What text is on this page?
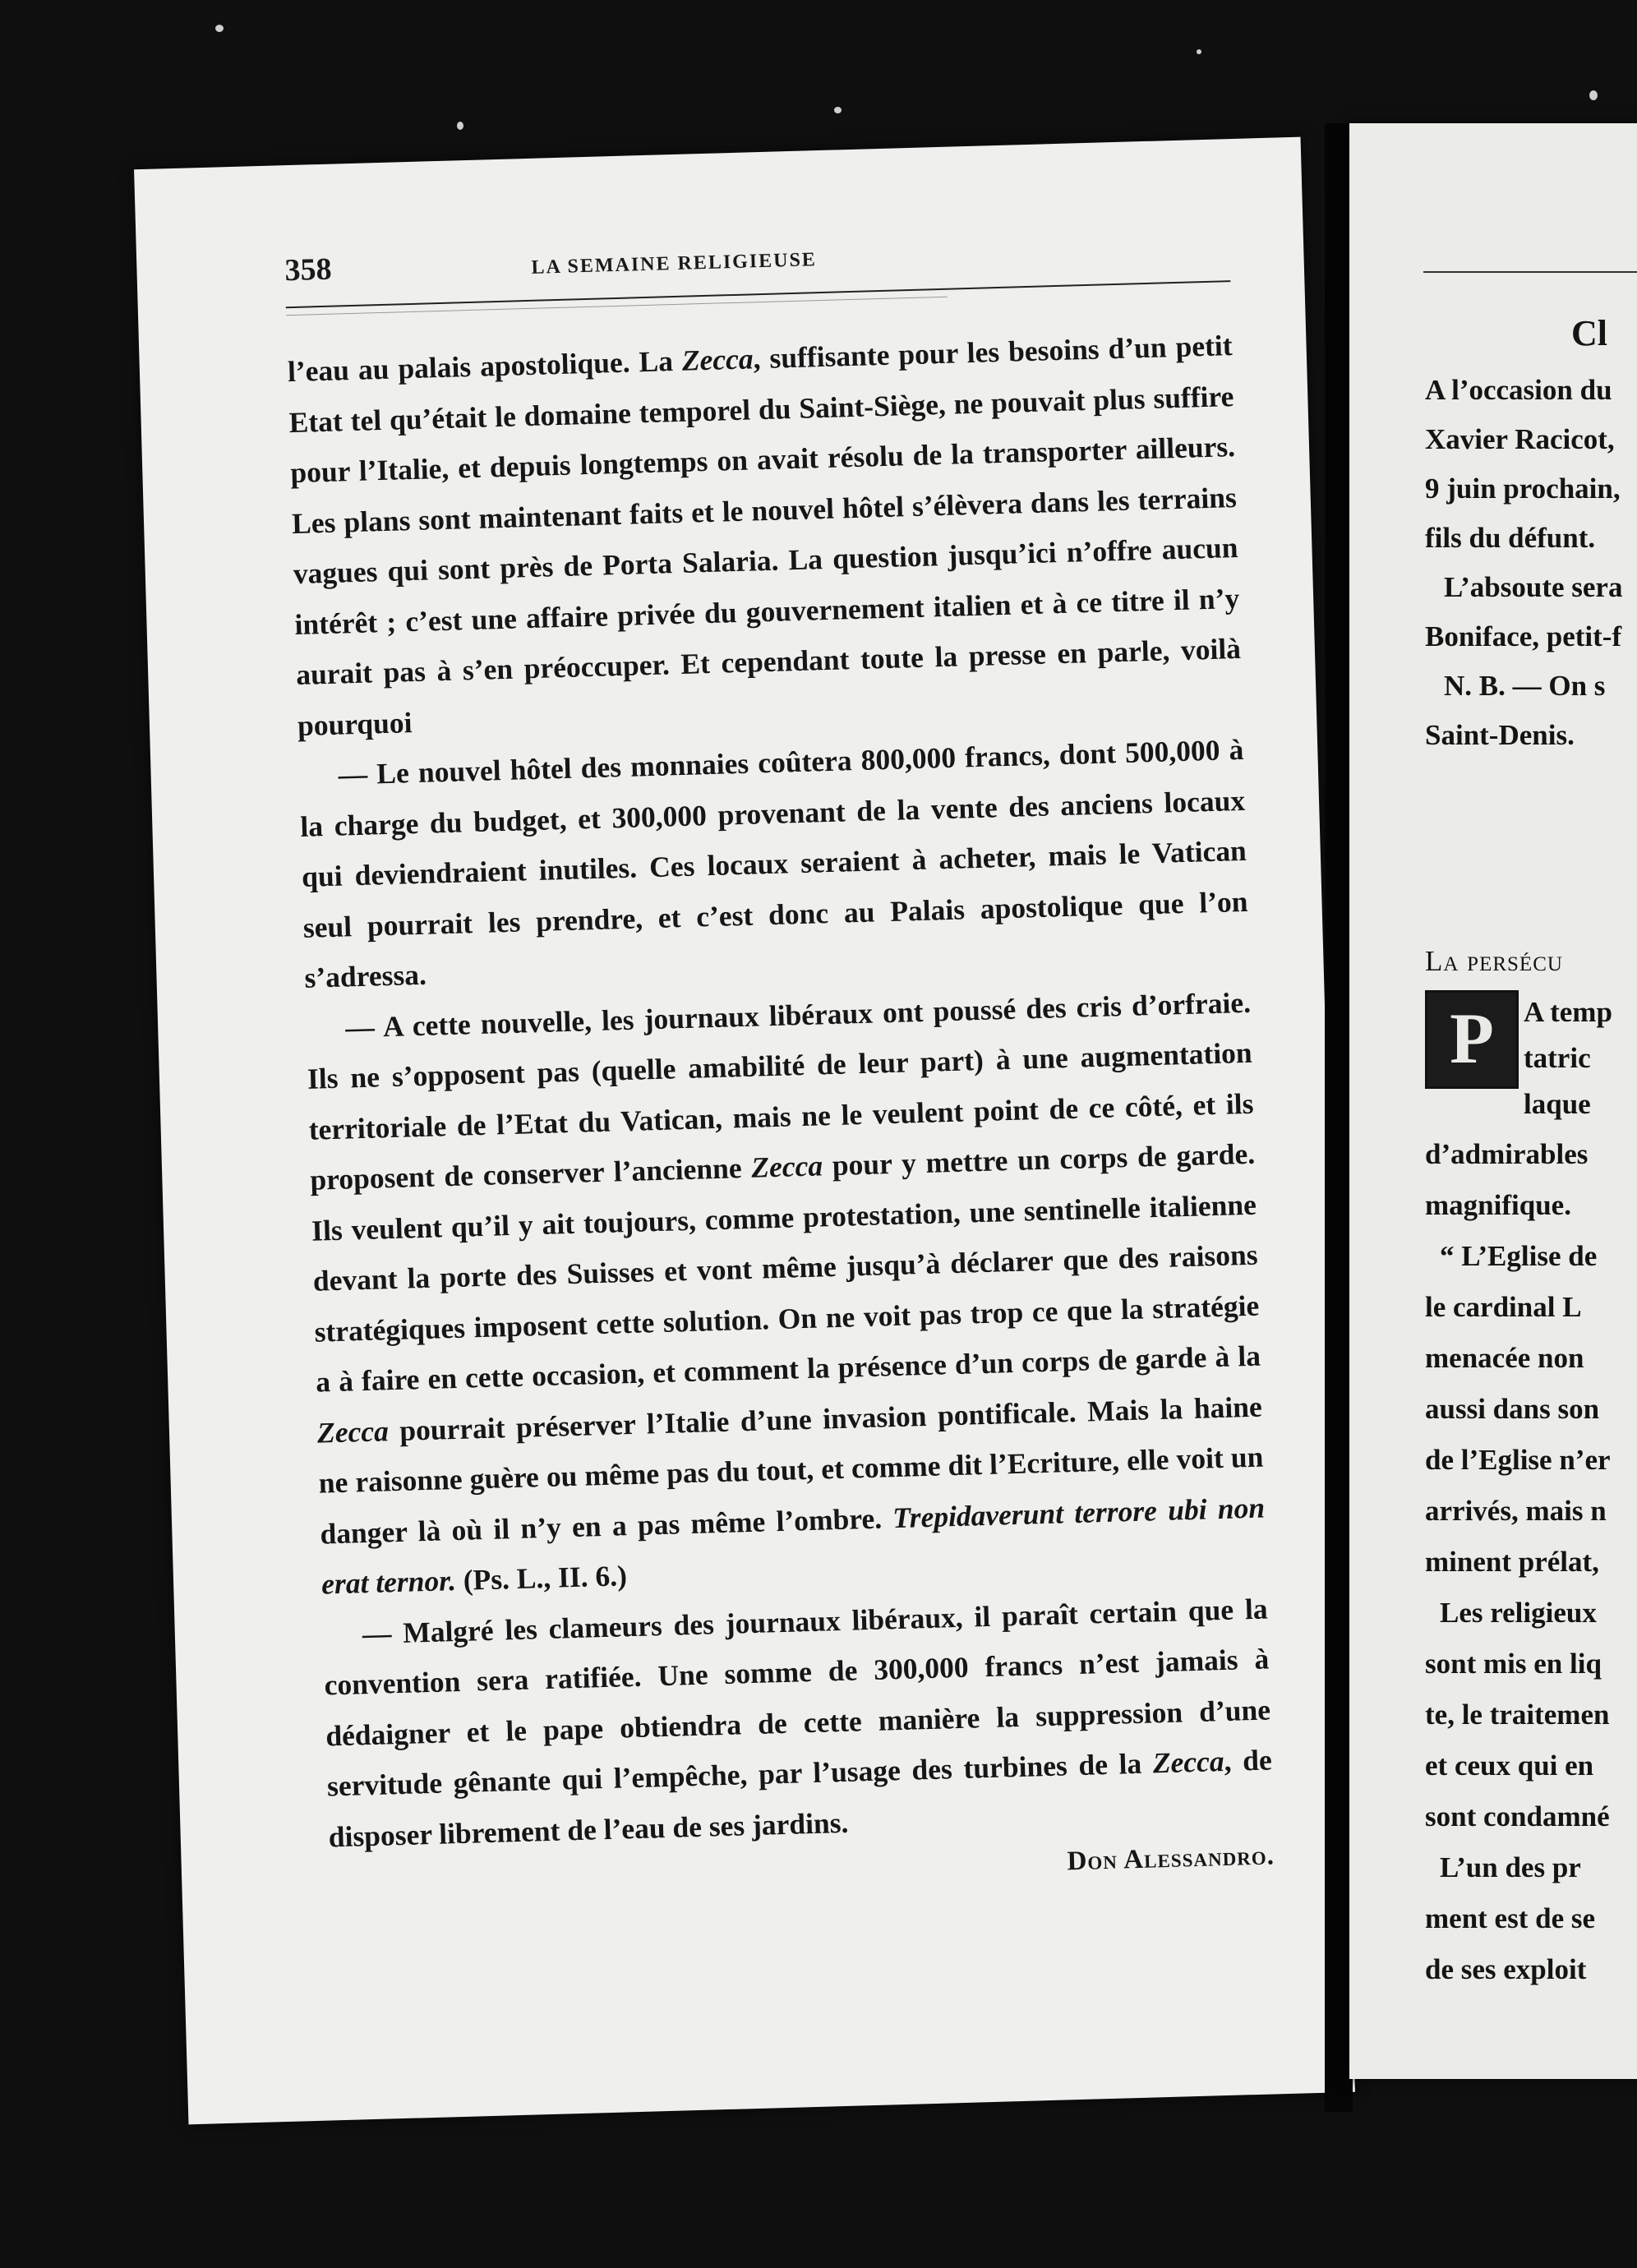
358	LA SEMAINE RELIGIEUSE

l’eau au palais apostolique. La Zecca, suffisante pour les besoins d’un petit Etat tel qu’était le domaine temporel du Saint-Siège, ne pouvait plus suffire pour l’Italie, et depuis longtemps on avait résolu de la transporter ailleurs. Les plans sont maintenant faits et le nouvel hôtel s’élèvera dans les terrains vagues qui sont près de Porta Salaria. La question jusqu’ici n’offre aucun intérêt ; c’est une affaire privée du gouvernement italien et à ce titre il n’y aurait pas à s’en préoccuper. Et cependant toute la presse en parle, voilà pourquoi

— Le nouvel hôtel des monnaies coûtera 800,000 francs, dont 500,000 à la charge du budget, et 300,000 provenant de la vente des anciens locaux qui deviendraient inutiles. Ces locaux seraient à acheter, mais le Vatican seul pourrait les prendre, et c’est donc au Palais apostolique que l’on s’adressa.

— A cette nouvelle, les journaux libéraux ont poussé des cris d’orfraie. Ils ne s’opposent pas (quelle amabilité de leur part) à une augmentation territoriale de l’Etat du Vatican, mais ne le veulent point de ce côté, et ils proposent de conserver l’ancienne Zecca pour y mettre un corps de garde. Ils veulent qu’il y ait toujours, comme protestation, une sentinelle italienne devant la porte des Suisses et vont même jusqu’à déclarer que des raisons stratégiques imposent cette solution. On ne voit pas trop ce que la stratégie a à faire en cette occasion, et comment la présence d’un corps de garde à la Zecca pourrait préserver l’Italie d’une invasion pontificale. Mais la haine ne raisonne guère ou même pas du tout, et comme dit l’Ecriture, elle voit un danger là où il n’y en a pas même l’ombre. Trepidaverunt terrore ubi non erat ternor. (Ps. L., II. 6.)

— Malgré les clameurs des journaux libéraux, il paraît certain que la convention sera ratifiée. Une somme de 300,000 francs n’est jamais à dédaigner et le pape obtiendra de cette manière la suppression d’une servitude gênante qui l’empêche, par l’usage des turbines de la Zecca, de disposer librement de l’eau de ses jardins.

Don Alessandro.
P
Cl
A l’occasion du
Xavier Racicot,
9 juin prochain,
fils du défunt.
L’absoute sera
Boniface, petit-f
N. B. — On s
Saint-Denis.
La persécu
A temp
tatric
laque
d’admirables
magnifique.
“ L’Eglise de
le cardinal L
menacée non
aussi dans son
de l’Eglise n’er
arrivés, mais n
minent prélat,
Les religieux
sont mis en liq
te, le traitemen
et ceux qui en
sont condamné
L’un des pr
ment est de se
de ses exploit
